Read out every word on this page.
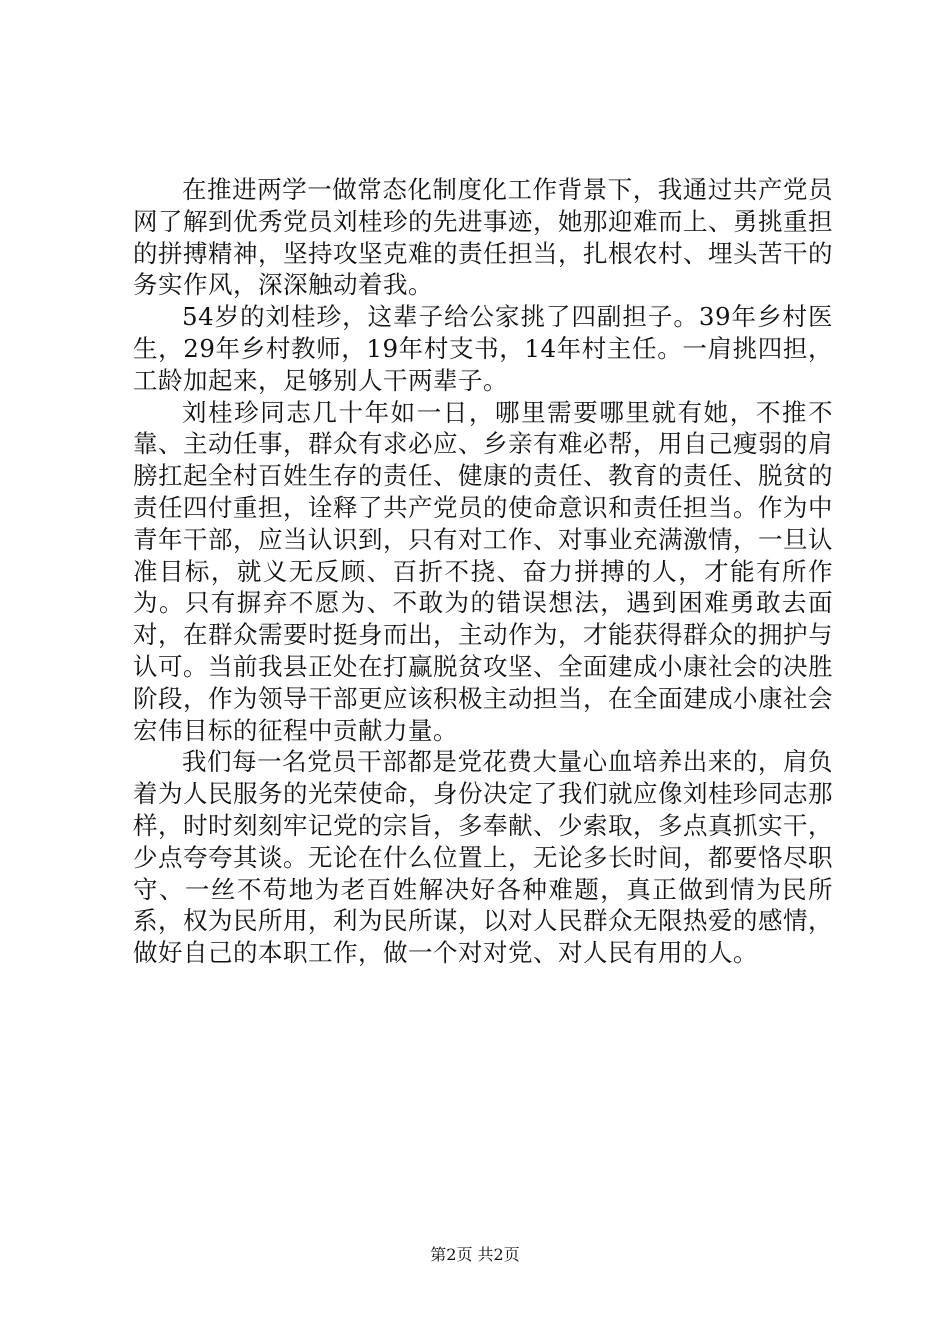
在推进两学一做常态化制度化工作背景下，我通过共产党员网了解到优秀党员刘桂珍的先进事迹，她那迎难而上、勇挑重担的拼搏精神，坚持攻坚克难的责任担当，扎根农村、埋头苦干的务实作风，深深触动着我。

54岁的刘桂珍，这辈子给公家挑了四副担子。39年乡村医生，29年乡村教师，19年村支书，14年村主任。一肩挑四担，工龄加起来，足够别人干两辈子。

刘桂珍同志几十年如一日，哪里需要哪里就有她，不推不靠、主动任事，群众有求必应、乡亲有难必帮，用自己瘦弱的肩膀扛起全村百姓生存的责任、健康的责任、教育的责任、脱贫的责任四付重担，诠释了共产党员的使命意识和责任担当。作为中青年干部，应当认识到，只有对工作、对事业充满激情，一旦认准目标，就义无反顾、百折不挠、奋力拼搏的人，才能有所作为。只有摒弃不愿为、不敢为的错误想法，遇到困难勇敢去面对，在群众需要时挺身而出，主动作为，才能获得群众的拥护与认可。当前我县正处在打赢脱贫攻坚、全面建成小康社会的决胜阶段，作为领导干部更应该积极主动担当，在全面建成小康社会宏伟目标的征程中贡献力量。

我们每一名党员干部都是党花费大量心血培养出来的，肩负着为人民服务的光荣使命，身份决定了我们就应像刘桂珍同志那样，时时刻刻牢记党的宗旨，多奉献、少索取，多点真抓实干，少点夸夸其谈。无论在什么位置上，无论多长时间，都要恪尽职守、一丝不苟地为老百姓解决好各种难题，真正做到情为民所系，权为民所用，利为民所谋，以对人民群众无限热爱的感情，做好自己的本职工作，做一个对对党、对人民有用的人。

第2页 共2页
